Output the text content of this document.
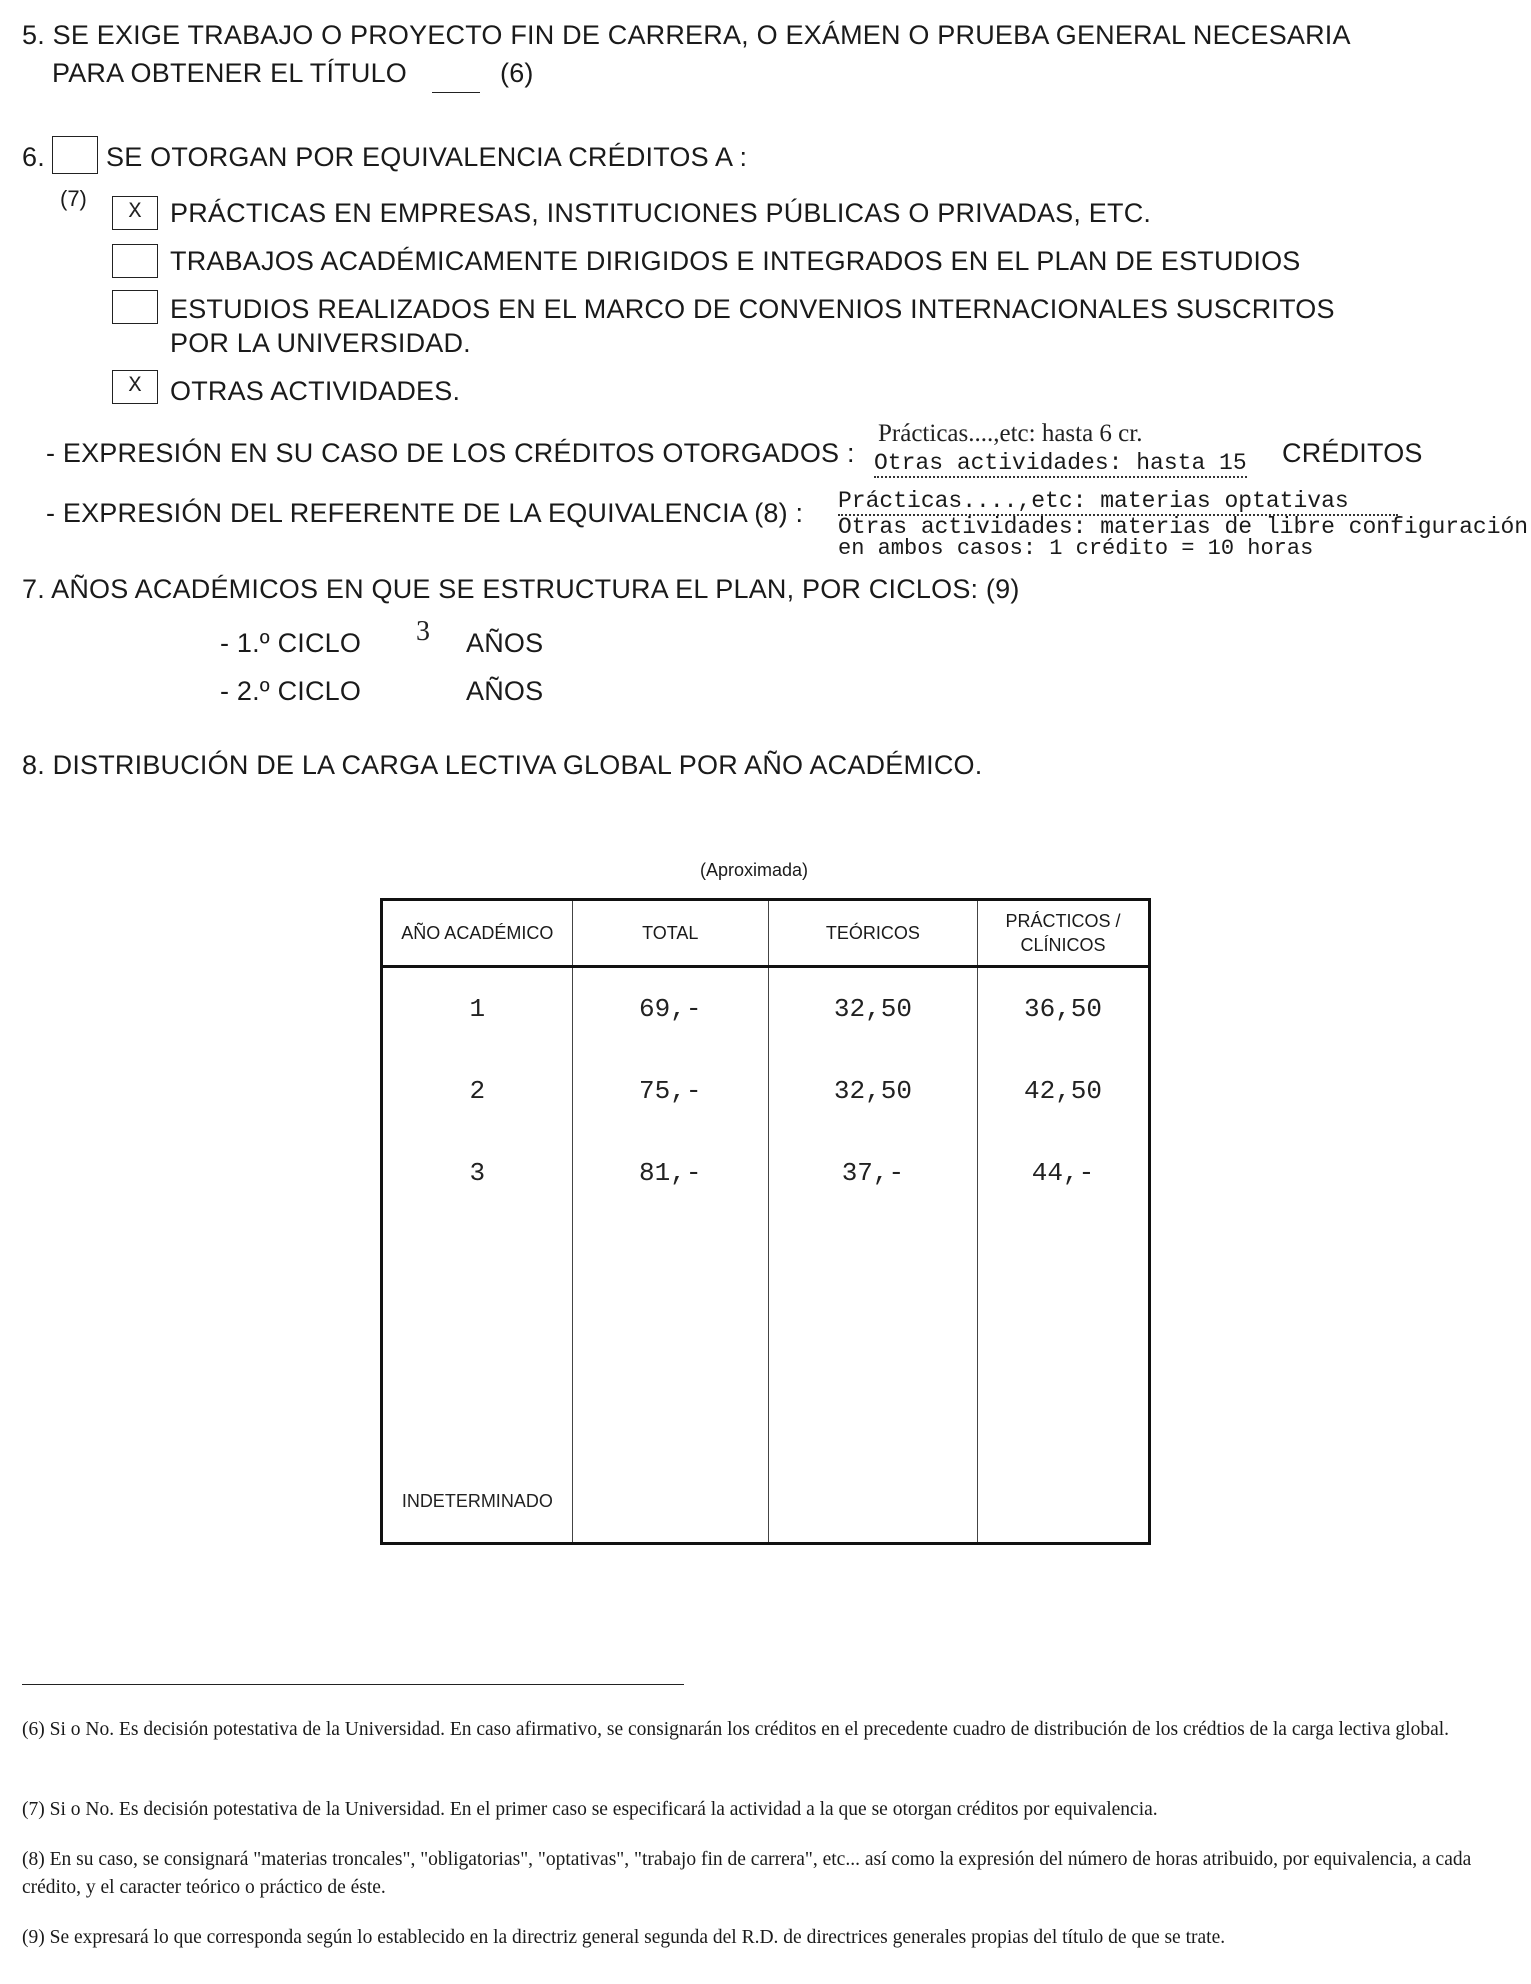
5. SE EXIGE TRABAJO O PROYECTO FIN DE CARRERA, O EXÁMEN O PRUEBA GENERAL NECESARIA
PARA OBTENER EL TÍTULO	(6)
6. SE OTORGAN POR EQUIVALENCIA CRÉDITOS A :
(7)
X	PRÁCTICAS EN EMPRESAS, INSTITUCIONES PÚBLICAS O PRIVADAS, ETC.
TRABAJOS ACADÉMICAMENTE DIRIGIDOS E INTEGRADOS EN EL PLAN DE ESTUDIOS
ESTUDIOS REALIZADOS EN EL MARCO DE CONVENIOS INTERNACIONALES SUSCRITOS
POR LA UNIVERSIDAD.
X	OTRAS ACTIVIDADES.
- EXPRESIÓN EN SU CASO DE LOS CRÉDITOS OTORGADOS :
Prácticas....,etc: hasta 6 cr.
Otras actividades: hasta 15 CRÉDITOS
- EXPRESIÓN DEL REFERENTE DE LA EQUIVALENCIA (8) : Prácticas....,etc: materias optativas
Otras actividades: materias de libre configuración
en ambos casos: 1 crédito = 10 horas
7. AÑOS ACADÉMICOS EN QUE SE ESTRUCTURA EL PLAN, POR CICLOS: (9)
- 1.º CICLO 3 AÑOS
- 2.º CICLO	AÑOS
8. DISTRIBUCIÓN DE LA CARGA LECTIVA GLOBAL POR AÑO ACADÉMICO.
(Aproximada)
AÑO ACADÉMICO	TOTAL	TEÓRICOS	PRÁCTICOS / CLÍNICOS
1	69,-	32,50	36,50
2	75,-	32,50	42,50
3	81,-	37,-	44,-

INDETERMINADO			
(6) Si o No. Es decisión potestativa de la Universidad. En caso afirmativo, se consignarán los créditos en el precedente cuadro de distribución de los crédtios de la carga lectiva global.
(7) Si o No. Es decisión potestativa de la Universidad. En el primer caso se especificará la actividad a la que se otorgan créditos por equivalencia.
(8) En su caso, se consignará "materias troncales", "obligatorias", "optativas", "trabajo fin de carrera", etc... así como la expresión del número de horas atribuido, por equivalencia, a cada crédito, y el caracter teórico o práctico de éste.
(9) Se expresará lo que corresponda según lo establecido en la directriz general segunda del R.D. de directrices generales propias del título de que se trate.
